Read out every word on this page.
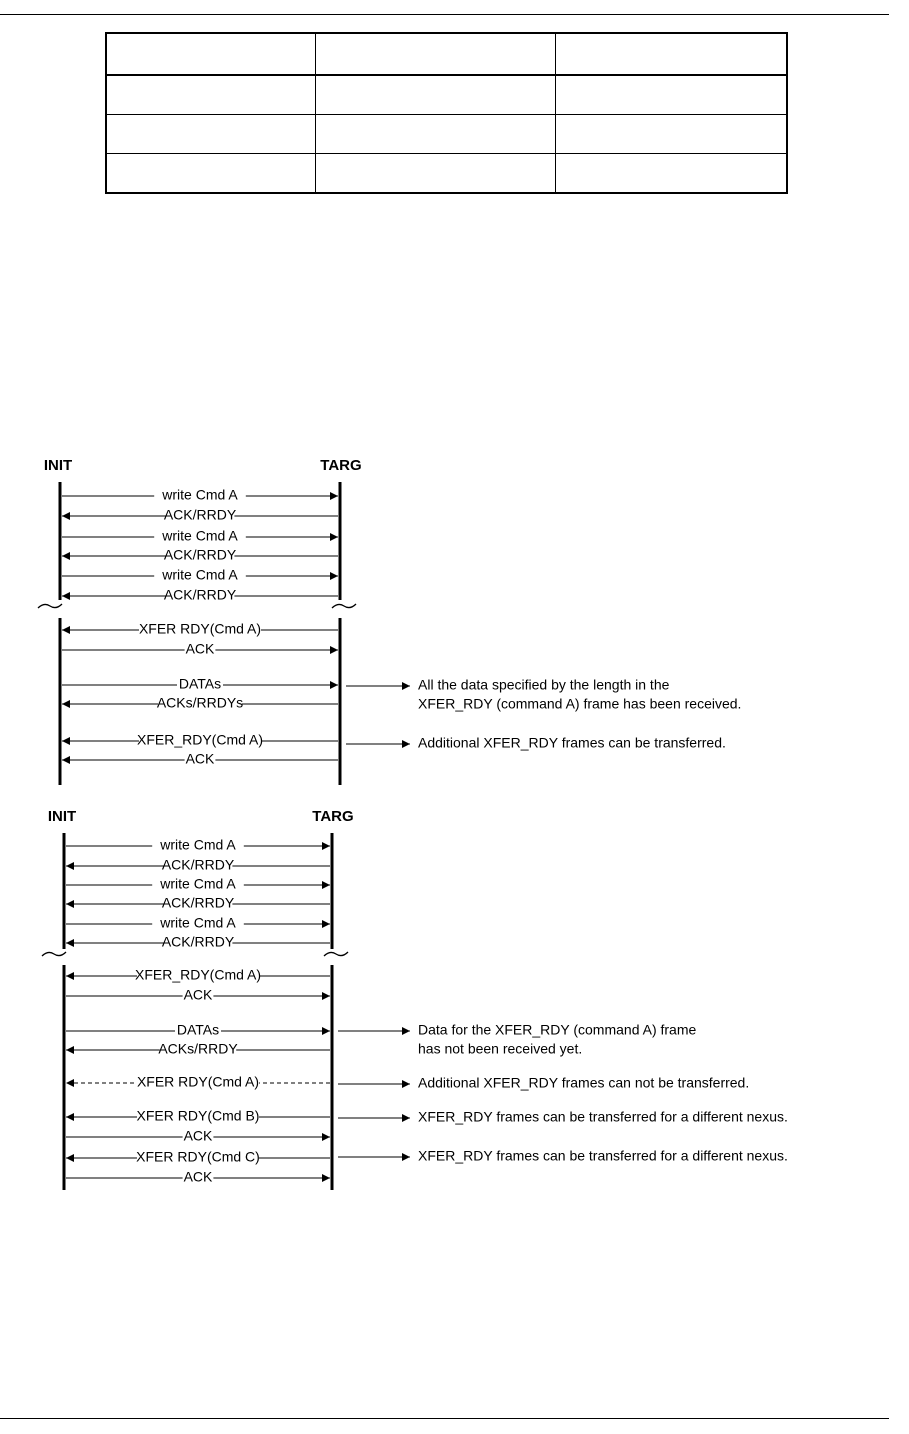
INIT	TARG
write Cmd A
ACK/RRDY
write Cmd A
ACK/RRDY
write Cmd A
ACK/RRDY
XFER RDY(Cmd A)
ACK
DATAs
ACKs/RRDYs
XFER_RDY(Cmd A)
ACK
All the data specified by the length in the
XFER_RDY (command A) frame has been received.
Additional XFER_RDY frames can be transferred.
INIT	TARG
write Cmd A
ACK/RRDY
write Cmd A
ACK/RRDY
write Cmd A
ACK/RRDY
XFER_RDY(Cmd A)
ACK
DATAs
ACKs/RRDY
XFER RDY(Cmd A)
XFER RDY(Cmd B)
ACK
XFER RDY(Cmd C)
ACK
Data for the XFER_RDY (command A) frame
has not been received yet.
Additional XFER_RDY frames can not be transferred.
XFER_RDY frames can be transferred for a different nexus.
XFER_RDY frames can be transferred for a different nexus.
